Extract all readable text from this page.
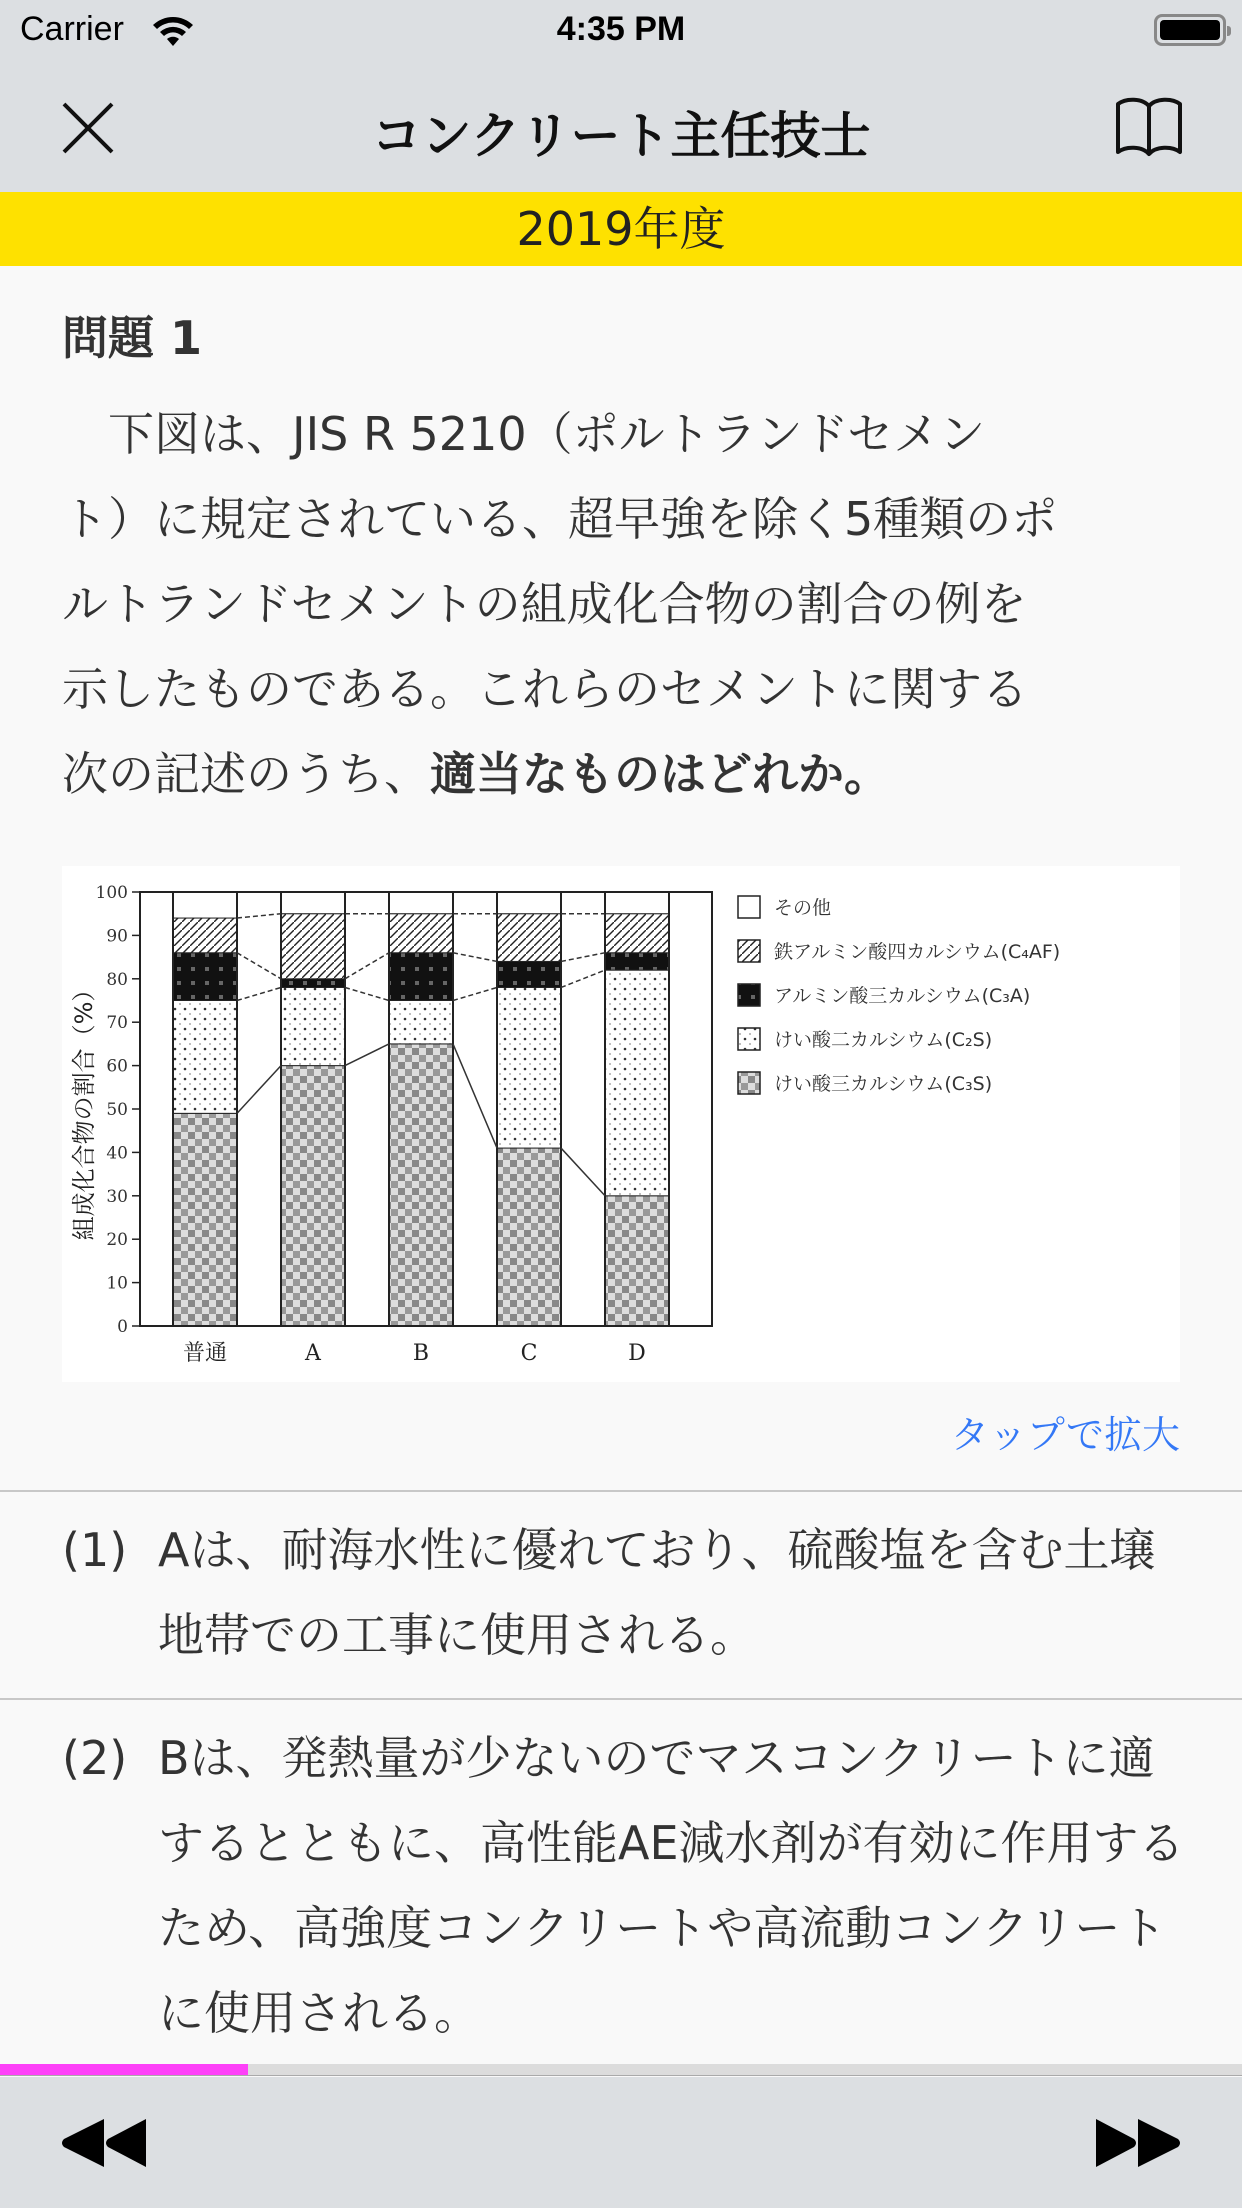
Carrier	4:35 PM
コンクリート主任技士
2019年度
問題 1
　下図は、JIS R 5210（ポルトランドセメン
ト）に規定されている、超早強を除く5種類のポ
ルトランドセメントの組成化合物の割合の例を
示したものである。これらのセメントに関する
次の記述のうち、適当なものはどれか。
0
10
20
30
40
50
60
70
80
90
100
組成化合物の割合（%）
普通	A	B	C	D
その他
鉄アルミン酸四カルシウム(C₄AF)
アルミン酸三カルシウム(C₃A)
けい酸二カルシウム(C₂S)
けい酸三カルシウム(C₃S)
タップで拡大
(1) Aは、耐海水性に優れており、硫酸塩を含む土壌地帯での工事に使用される。
(2) Bは、発熱量が少ないのでマスコンクリートに適するとともに、高性能AE減水剤が有効に作用するため、高強度コンクリートや高流動コンクリートに使用される。
